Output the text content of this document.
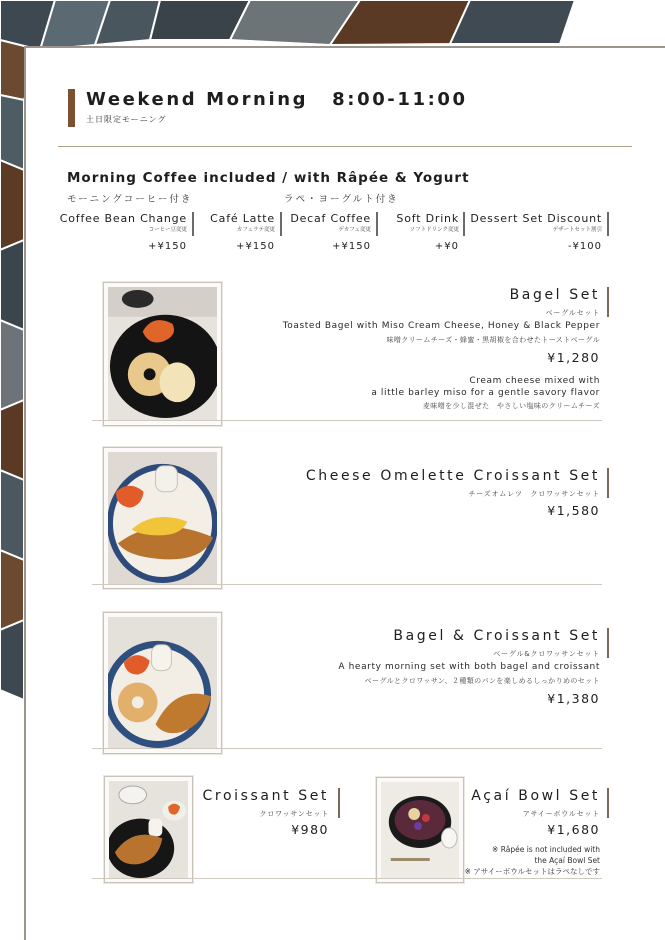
Weekend Morning 8:00-11:00
土日限定モーニング
Morning Coffee included / with Râpée & Yogurt
モーニングコーヒー付き	ラペ・ヨーグルト付き
Coffee Bean Change
コーヒー豆変更
+¥150
Café Latte
カフェラテ変更
+¥150
Decaf Coffee
デカフェ変更
+¥150
Soft Drink
ソフトドリンク変更
+¥0
Dessert Set Discount
デザートセット割引
-¥100
Bagel Set
ベーグルセット
Toasted Bagel with Miso Cream Cheese, Honey & Black Pepper
味噌クリームチーズ・蜂蜜・黒胡椒を合わせたトーストベーグル
¥1,280
Cream cheese mixed with
a little barley miso for a gentle savory flavor
麦味噌を少し混ぜた　やさしい塩味のクリームチーズ
Cheese Omelette Croissant Set
チーズオムレツ　クロワッサンセット
¥1,580
Bagel & Croissant Set
ベーグル&クロワッサンセット
A hearty morning set with both bagel and croissant
ベーグルとクロワッサン、２種類のパンを楽しめるしっかりめのセット
¥1,380
Croissant Set
クロワッサンセット
¥980
Açaí Bowl Set
アサイーボウルセット
¥1,680
※ Râpée is not included with
the Açaí Bowl Set
※ アサイーボウルセットはラペなしです
